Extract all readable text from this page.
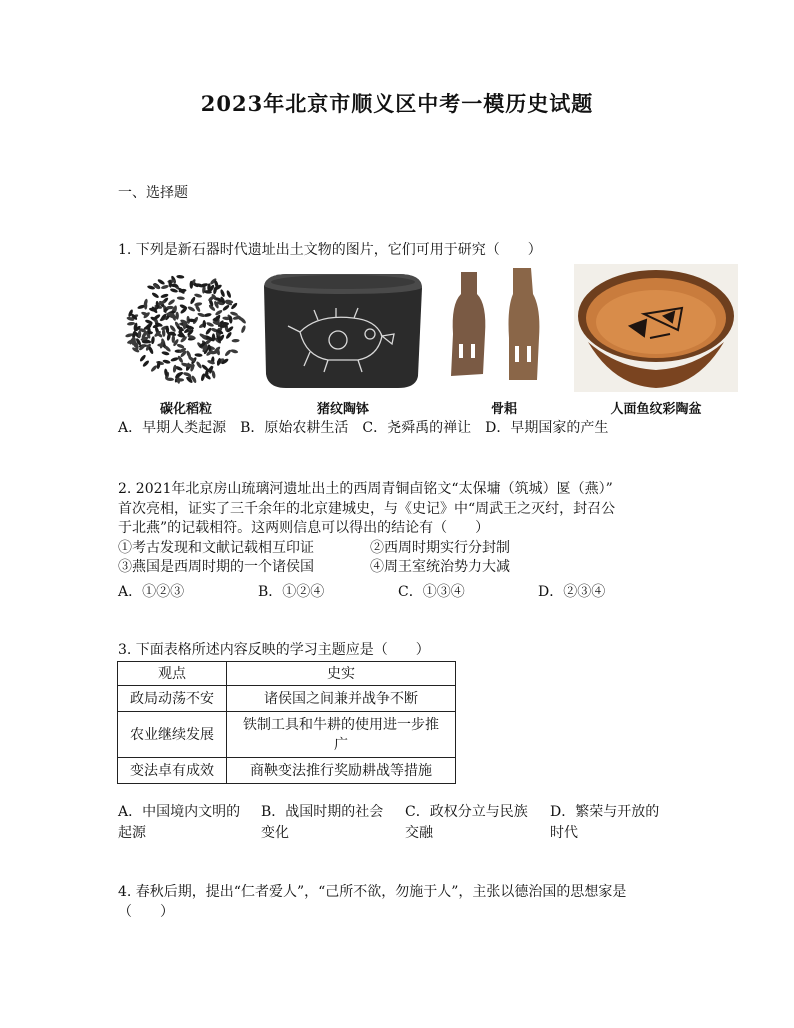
2023年北京市顺义区中考一模历史试题
一、选择题
1. 下列是新石器时代遗址出土文物的图片，它们可用于研究（　　）
碳化稻粒	猪纹陶钵	骨耜	人面鱼纹彩陶盆
A．早期人类起源　B．原始农耕生活　C．尧舜禹的禅让　D．早期国家的产生
2. 2021年北京房山琉璃河遗址出土的西周青铜卣铭文“太保墉（筑城）匽（燕）”
首次亮相，证实了三千余年的北京建城史，与《史记》中“周武王之灭纣，封召公
于北燕”的记载相符。这两则信息可以得出的结论有（　　）
①考古发现和文献记载相互印证	②西周时期实行分封制
③燕国是西周时期的一个诸侯国	④周王室统治势力大减
A．①②③	B．①②④	C．①③④	D．②③④
3. 下面表格所述内容反映的学习主题应是（　　）
观点	史实
政局动荡不安	诸侯国之间兼并战争不断
农业继续发展	铁制工具和牛耕的使用进一步推
广

变法卓有成效	商鞅变法推行奖励耕战等措施
A．中国境内文明的
起源
B．战国时期的社会
变化
C．政权分立与民族
交融
D．繁荣与开放的
时代
4. 春秋后期，提出“仁者爱人”，“己所不欲，勿施于人”，主张以德治国的思想家是
（　　）
